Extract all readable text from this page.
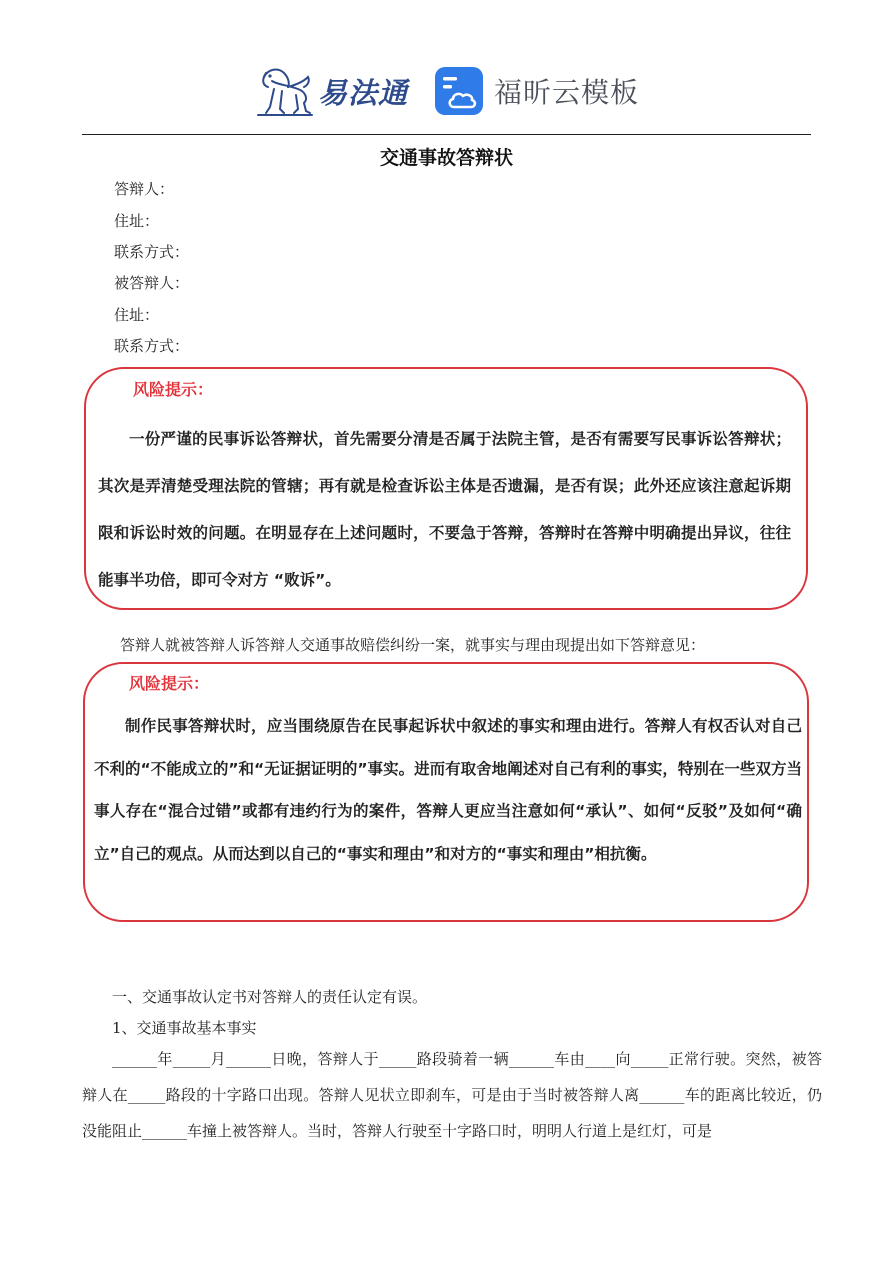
易法通	福昕云模板
交通事故答辩状
答辩人：
住址：
联系方式：
被答辩人：
住址：
联系方式：
风险提示：
一份严谨的民事诉讼答辩状，首先需要分清是否属于法院主管，是否有需要写民事诉讼答辩状；其次是弄清楚受理法院的管辖；再有就是检查诉讼主体是否遗漏，是否有误；此外还应该注意起诉期限和诉讼时效的问题。在明显存在上述问题时，不要急于答辩，答辩时在答辩中明确提出异议，往往能事半功倍，即可令对方 “败诉”。
答辩人就被答辩人诉答辩人交通事故赔偿纠纷一案，就事实与理由现提出如下答辩意见：
风险提示：
制作民事答辩状时，应当围绕原告在民事起诉状中叙述的事实和理由进行。答辩人有权否认对自己不利的“不能成立的”和“无证据证明的”事实。进而有取舍地阐述对自己有利的事实，特别在一些双方当事人存在“混合过错”或都有违约行为的案件，答辩人更应当注意如何“承认”、如何“反驳”及如何“确立”自己的观点。从而达到以自己的“事实和理由”和对方的“事实和理由”相抗衡。
一、交通事故认定书对答辩人的责任认定有误。
1、交通事故基本事实
______年_____月______日晚，答辩人于_____路段骑着一辆______车由____向_____正常行驶。突然，被答辩人在_____路段的十字路口出现。答辩人见状立即刹车，可是由于当时被答辩人离______车的距离比较近，仍没能阻止______车撞上被答辩人。当时，答辩人行驶至十字路口时，明明人行道上是红灯，可是
